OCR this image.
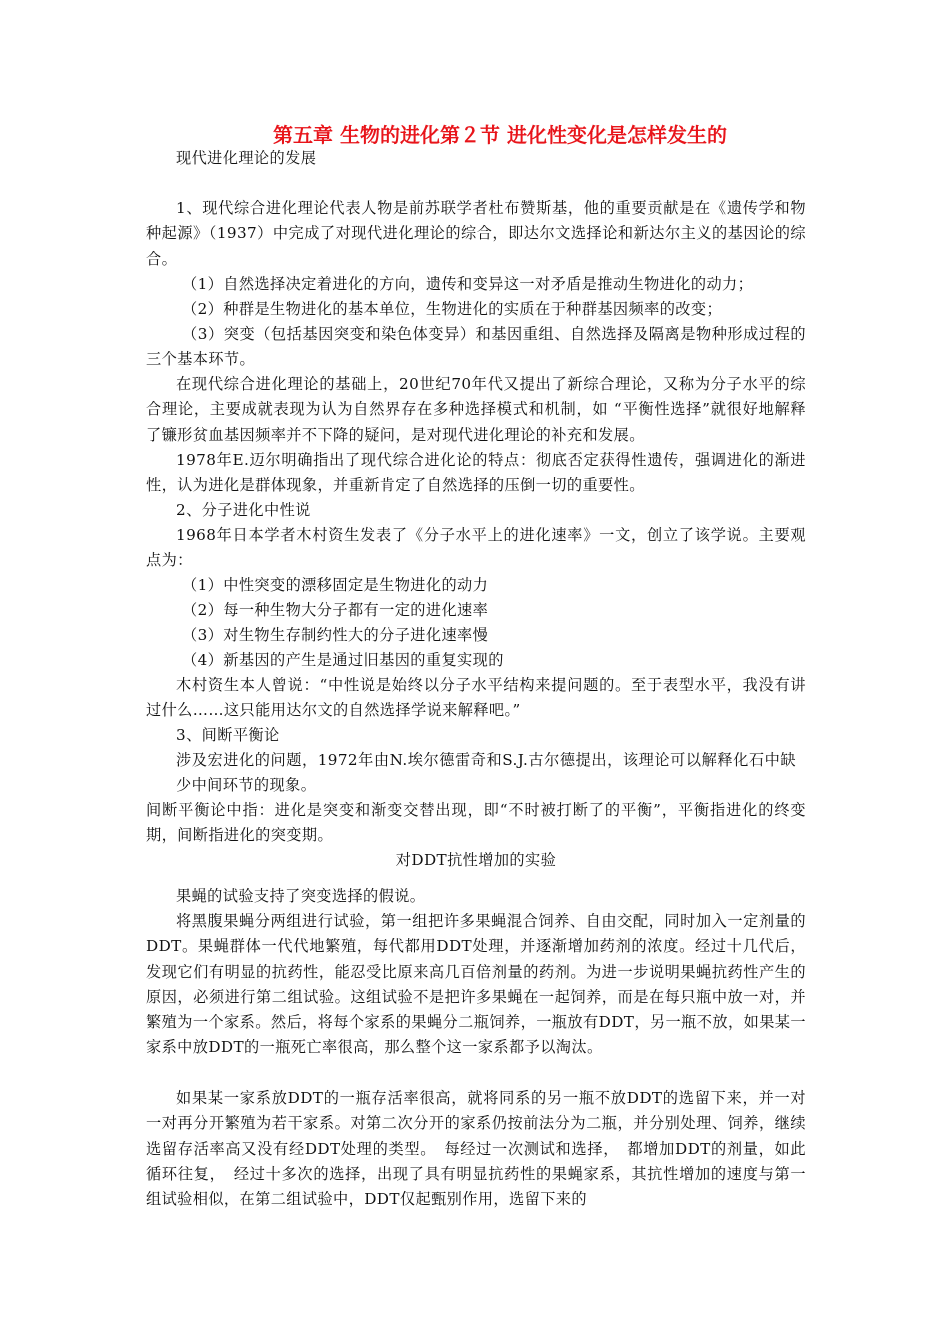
第五章 生物的进化第２节 进化性变化是怎样发生的
现代进化理论的发展
1、现代综合进化理论代表人物是前苏联学者杜布赞斯基，他的重要贡献是在《遗传学和物种起源》（1937）中完成了对现代进化理论的综合，即达尔文选择论和新达尔主义的基因论的综合。
（1）自然选择决定着进化的方向，遗传和变异这一对矛盾是推动生物进化的动力；
（2）种群是生物进化的基本单位，生物进化的实质在于种群基因频率的改变；
（3）突变（包括基因突变和染色体变异）和基因重组、自然选择及隔离是物种形成过程的三个基本环节。
在现代综合进化理论的基础上，20世纪70年代又提出了新综合理论，又称为分子水平的综合理论，主要成就表现为认为自然界存在多种选择模式和机制，如 “平衡性选择”就很好地解释了镰形贫血基因频率并不下降的疑问，是对现代进化理论的补充和发展。
1978年E.迈尔明确指出了现代综合进化论的特点：彻底否定获得性遗传，强调进化的渐进性，认为进化是群体现象，并重新肯定了自然选择的压倒一切的重要性。
2、分子进化中性说
1968年日本学者木村资生发表了《分子水平上的进化速率》一文，创立了该学说。主要观点为：
（1）中性突变的漂移固定是生物进化的动力
（2）每一种生物大分子都有一定的进化速率
（3）对生物生存制约性大的分子进化速率慢
（4）新基因的产生是通过旧基因的重复实现的
木村资生本人曾说：“中性说是始终以分子水平结构来提问题的。至于表型水平，我没有讲过什么……这只能用达尔文的自然选择学说来解释吧。”
3、间断平衡论
涉及宏进化的问题，1972年由N.埃尔德雷奇和S.J.古尔德提出，该理论可以解释化石中缺少中间环节的现象。
间断平衡论中指：进化是突变和渐变交替出现，即“不时被打断了的平衡”，平衡指进化的终变期，间断指进化的突变期。
对DDT抗性增加的实验
果蝇的试验支持了突变选择的假说。
将黑腹果蝇分两组进行试验，第一组把许多果蝇混合饲养、自由交配，同时加入一定剂量的DDT。果蝇群体一代代地繁殖，每代都用DDT处理，并逐渐增加药剂的浓度。经过十几代后，发现它们有明显的抗药性，能忍受比原来高几百倍剂量的药剂。为进一步说明果蝇抗药性产生的原因，必须进行第二组试验。这组试验不是把许多果蝇在一起饲养，而是在每只瓶中放一对，并繁殖为一个家系。然后，将每个家系的果蝇分二瓶饲养，一瓶放有DDT，另一瓶不放，如果某一家系中放DDT的一瓶死亡率很高，那么整个这一家系都予以淘汰。
如果某一家系放DDT的一瓶存活率很高，就将同系的另一瓶不放DDT的选留下来，并一对一对再分开繁殖为若干家系。对第二次分开的家系仍按前法分为二瓶，并分别处理、饲养，继续选留存活率高又没有经DDT处理的类型。　每经过一次测试和选择，　都增加DDT的剂量，如此循环往复，　经过十多次的选择，出现了具有明显抗药性的果蝇家系，其抗性增加的速度与第一组试验相似，在第二组试验中，DDT仅起甄别作用，选留下来的
